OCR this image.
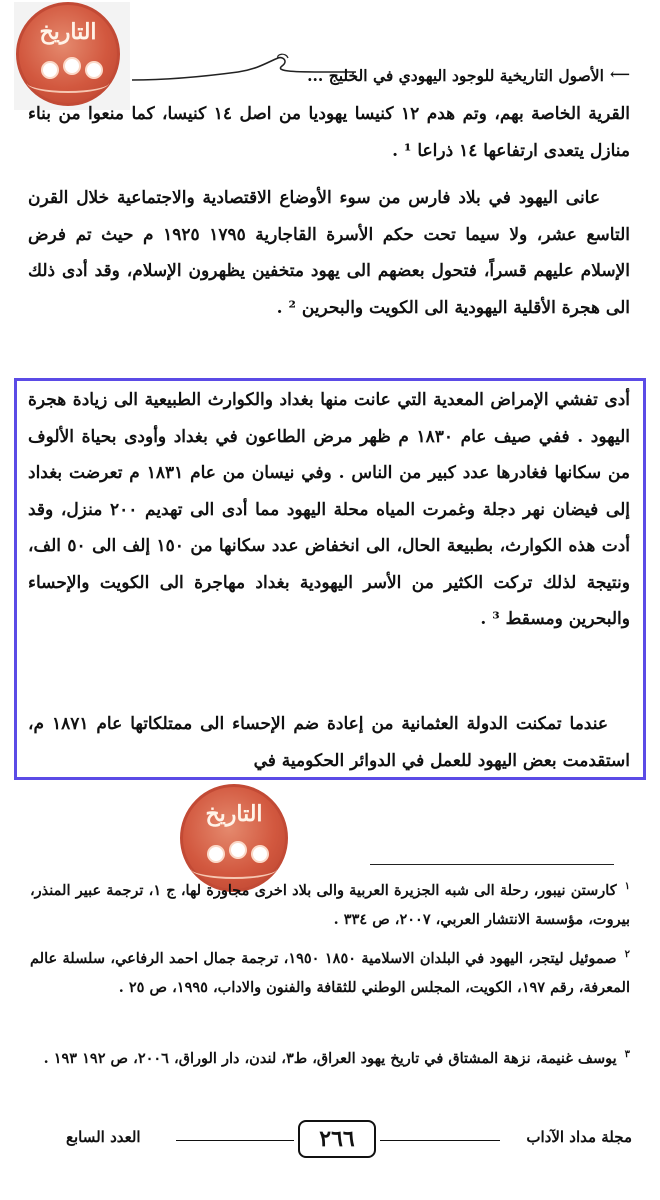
التاريخ
⟵
الأصول التاريخية للوجود اليهودي في الخليج ...

القرية الخاصة بهم، وتم هدم ١٢ كنيسا يهوديا من اصل ١٤ كنيسا، كما منعوا من بناء منازل يتعدى ارتفاعها ١٤ ذراعا ¹ .

عانى اليهود في بلاد فارس من سوء الأوضاع الاقتصادية والاجتماعية خلال القرن التاسع عشر، ولا سيما تحت حكم الأسرة القاجارية ١٧٩٥ ١٩٢٥ م حيث تم فرض الإسلام عليهم قسراً، فتحول بعضهم الى يهود متخفين يظهرون الإسلام، وقد أدى ذلك الى هجرة الأقلية اليهودية الى الكويت والبحرين ² .

أدى تفشي الإمراض المعدية التي عانت منها بغداد والكوارث الطبيعية الى زيادة هجرة اليهود . ففي صيف عام ١٨٣٠ م ظهر مرض الطاعون في بغداد وأودى بحياة الألوف من سكانها فغادرها عدد كبير من الناس . وفي نيسان من عام ١٨٣١ م تعرضت بغداد إلى فيضان نهر دجلة وغمرت المياه محلة اليهود مما أدى الى تهديم ٢٠٠ منزل، وقد أدت هذه الكوارث، بطبيعة الحال، الى انخفاض عدد سكانها من ١٥٠ إلف الى ٥٠ الف، ونتيجة لذلك تركت الكثير من الأسر اليهودية بغداد مهاجرة الى الكويت والإحساء والبحرين ومسقط ³ .

عندما تمكنت الدولة العثمانية من إعادة ضم الإحساء الى ممتلكاتها عام ١٨٧١ م، استقدمت بعض اليهود للعمل في الدوائر الحكومية في

التاريخ

$^١$كارستن نيبور، رحلة الى شبه الجزيرة العربية والى بلاد اخرى مجاورة لها، ج ١، ترجمة عبير المنذر، بيروت، مؤسسة الانتشار العربي، ٢٠٠٧، ص ٣٣٤ .

$^٢$صموئيل ليتجر، اليهود في البلدان الاسلامية ١٨٥٠ ١٩٥٠، ترجمة جمال احمد الرفاعي، سلسلة عالم المعرفة، رقم ١٩٧، الكويت، المجلس الوطني للثقافة والفنون والاداب، ١٩٩٥، ص ٢٥ .

$^٣$يوسف غنيمة، نزهة المشتاق في تاريخ يهود العراق، ط٣، لندن، دار الوراق، ٢٠٠٦، ص ١٩٢ ١٩٣ .

مجلة مداد الآداب
٢٦٦
العدد السابع
